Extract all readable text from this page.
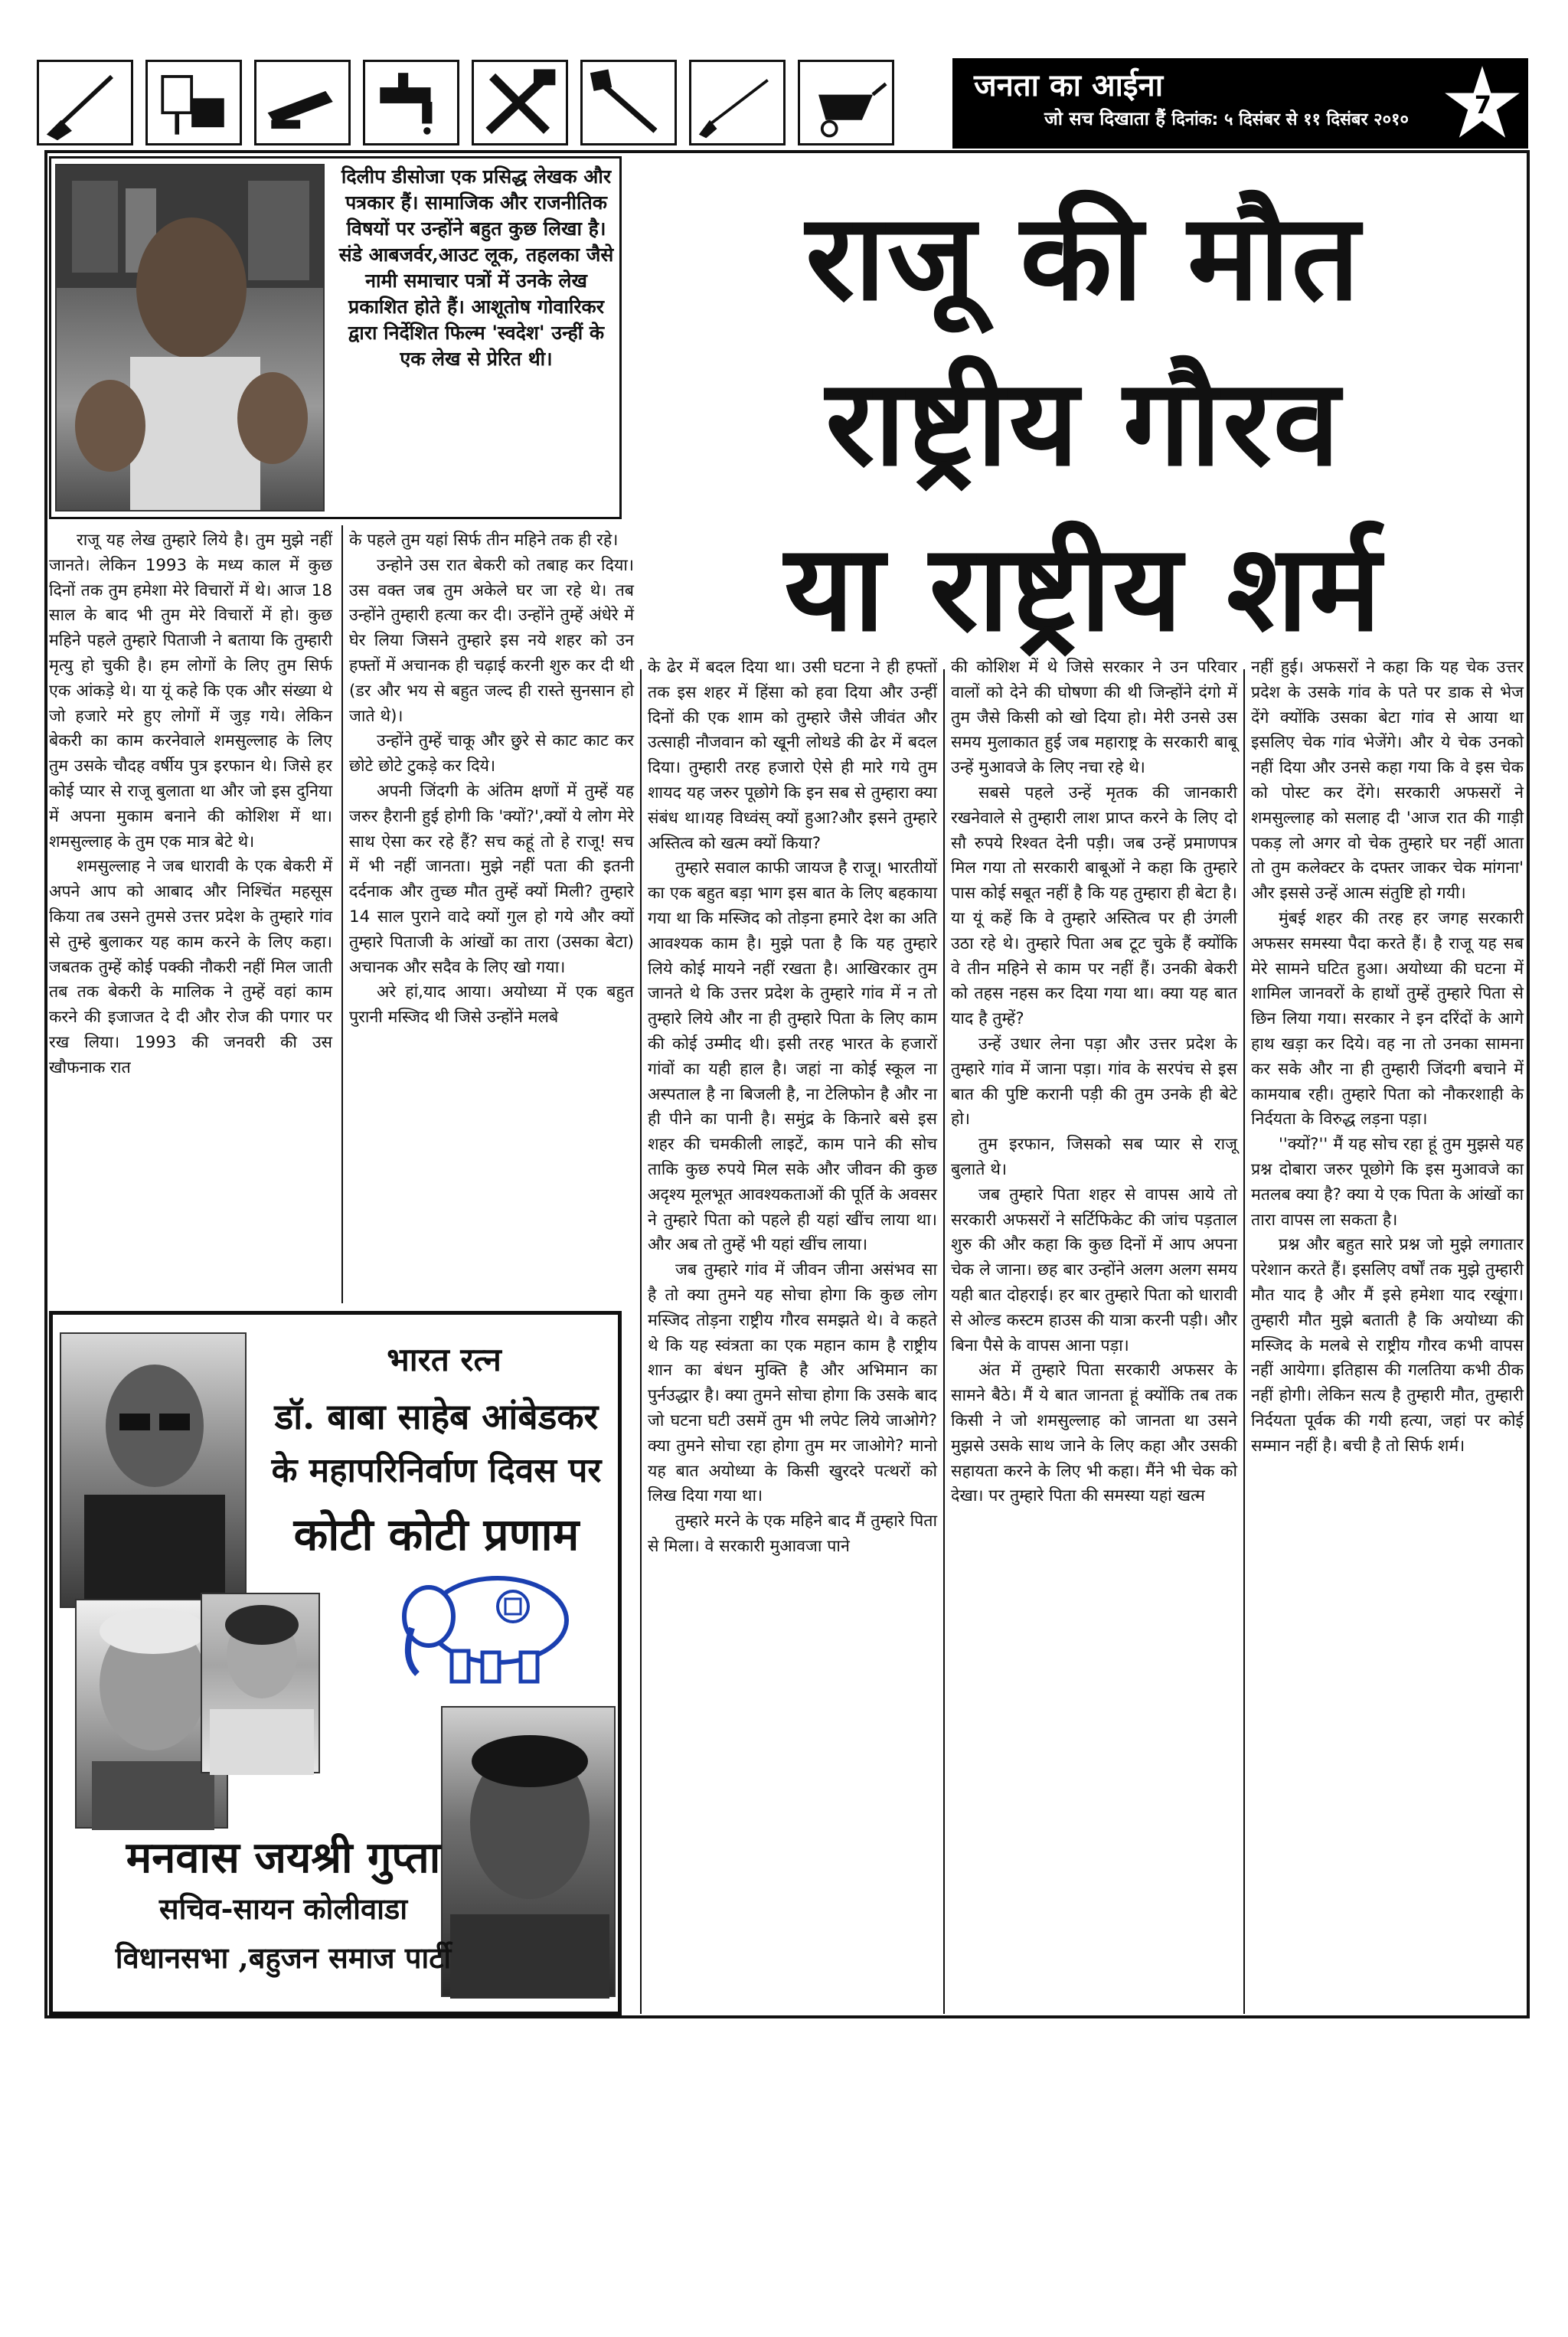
जनता का आईना
जो सच दिखाता हैं दिनांक: ५ दिसंबर से ११ दिसंबर २०१०
7
दिलीप डीसोजा एक प्रसिद्ध लेखक और पत्रकार हैं। सामाजिक और राजनीतिक विषयों पर उन्होंने बहुत कुछ लिखा है। संडे आबजर्वर,आउट लूक, तहलका जैसे नामी समाचार पत्रों में उनके लेख प्रकाशित होते हैं। आशूतोष गोवारिकर द्वारा निर्देशित फिल्म 'स्वदेश' उन्हीं के एक लेख से प्रेरित थी।
राजू की मौत
राष्ट्रीय गौरव
या राष्ट्रीय शर्म

राजू यह लेख तुम्हारे लिये है। तुम मुझे नहीं जानते। लेकिन 1993 के मध्य काल में कुछ दिनों तक तुम हमेशा मेरे विचारों में थे। आज 18 साल के बाद भी तुम मेरे विचारों में हो। कुछ महिने पहले तुम्हारे पिताजी ने बताया कि तुम्हारी मृत्यु हो चुकी है। हम लोगों के लिए तुम सिर्फ एक आंकड़े थे। या यूं कहे कि एक और संख्या थे जो हजारे मरे हुए लोगों में जुड़ गये। लेकिन बेकरी का काम करनेवाले शमसुल्लाह के लिए तुम उसके चौदह वर्षीय पुत्र इरफान थे। जिसे हर कोई प्यार से राजू बुलाता था और जो इस दुनिया में अपना मुकाम बनाने की कोशिश में था। शमसुल्लाह के तुम एक मात्र बेटे थे।

शमसुल्लाह ने जब धारावी के एक बेकरी में अपने आप को आबाद और निश्चिंत महसूस किया तब उसने तुमसे उत्तर प्रदेश के तुम्हारे गांव से तुम्हे बुलाकर यह काम करने के लिए कहा। जबतक तुम्हें कोई पक्की नौकरी नहीं मिल जाती तब तक बेकरी के मालिक ने तुम्हें वहां काम करने की इजाजत दे दी और रोज की पगार पर रख लिया। 1993 की जनवरी की उस खौफनाक रात

के पहले तुम यहां सिर्फ तीन महिने तक ही रहे।

उन्होने उस रात बेकरी को तबाह कर दिया। उस वक्त जब तुम अकेले घर जा रहे थे। तब उन्होंने तुम्हारी हत्या कर दी। उन्होंने तुम्हें अंधेरे में घेर लिया जिसने तुम्हारे इस नये शहर को उन हफ्तों में अचानक ही चढ़ाई करनी शुरु कर दी थी (डर और भय से बहुत जल्द ही रास्ते सुनसान हो जाते थे)।

उन्होंने तुम्हें चाकू और छुरे से काट काट कर छोटे छोटे टुकड़े कर दिये।

अपनी जिंदगी के अंतिम क्षणों में तुम्हें यह जरुर हैरानी हुई होगी कि 'क्यों?',क्यों ये लोग मेरे साथ ऐसा कर रहे हैं? सच कहूं तो हे राजू! सच में भी नहीं जानता। मुझे नहीं पता की इतनी दर्दनाक और तुच्छ मौत तुम्हें क्यों मिली? तुम्हारे 14 साल पुराने वादे क्यों गुल हो गये और क्यों तुम्हारे पिताजी के आंखों का तारा (उसका बेटा) अचानक और सदैव के लिए खो गया।

अरे हां,याद आया। अयोध्या में एक बहुत पुरानी मस्जिद थी जिसे उन्होंने मलबे

के ढेर में बदल दिया था। उसी घटना ने ही हफ्तों तक इस शहर में हिंसा को हवा दिया और उन्हीं दिनों की एक शाम को तुम्हारे जैसे जीवंत और उत्साही नौजवान को खूनी लोथडे की ढेर में बदल दिया। तुम्हारी तरह हजारो ऐसे ही मारे गये तुम शायद यह जरुर पूछोगे कि इन सब से तुम्हारा क्या संबंध था।यह विध्वंस् क्यों हुआ?और इसने तुम्हारे अस्तित्व को खत्म क्यों किया?

तुम्हारे सवाल काफी जायज है राजू। भारतीयों का एक बहुत बड़ा भाग इस बात के लिए बहकाया गया था कि मस्जिद को तोड़ना हमारे देश का अति आवश्यक काम है। मुझे पता है कि यह तुम्हारे लिये कोई मायने नहीं रखता है। आखिरकार तुम जानते थे कि उत्तर प्रदेश के तुम्हारे गांव में न तो तुम्हारे लिये और ना ही तुम्हारे पिता के लिए काम की कोई उम्मीद थी। इसी तरह भारत के हजारों गांवों का यही हाल है। जहां ना कोई स्कूल ना अस्पताल है ना बिजली है, ना टेलिफोन है और ना ही पीने का पानी है। समुंद्र के किनारे बसे इस शहर की चमकीली लाइटें, काम पाने की सोच ताकि कुछ रुपये मिल सके और जीवन की कुछ अदृश्य मूलभूत आवश्यकताओं की पूर्ति के अवसर ने तुम्हारे पिता को पहले ही यहां खींच लाया था। और अब तो तुम्हें भी यहां खींच लाया।

जब तुम्हारे गांव में जीवन जीना असंभव सा है तो क्या तुमने यह सोचा होगा कि कुछ लोग मस्जिद तोड़ना राष्ट्रीय गौरव समझते थे। वे कहते थे कि यह स्वंत्रता का एक महान काम है राष्ट्रीय शान का बंधन मुक्ति है और अभिमान का पुर्नउद्धार है। क्या तुमने सोचा होगा कि उसके बाद जो घटना घटी उसमें तुम भी लपेट लिये जाओगे? क्या तुमने सोचा रहा होगा तुम मर जाओगे? मानो यह बात अयोध्या के किसी खुरदरे पत्थरों को लिख दिया गया था।

तुम्हारे मरने के एक महिने बाद मैं तुम्हारे पिता से मिला। वे सरकारी मुआवजा पाने

की कोशिश में थे जिसे सरकार ने उन परिवार वालों को देने की घोषणा की थी जिन्होंने दंगो में तुम जैसे किसी को खो दिया हो। मेरी उनसे उस समय मुलाकात हुई जब महाराष्ट्र के सरकारी बाबू उन्हें मुआवजे के लिए नचा रहे थे।

सबसे पहले उन्हें मृतक की जानकारी रखनेवाले से तुम्हारी लाश प्राप्त करने के लिए दो सौ रुपये रिश्वत देनी पड़ी। जब उन्हें प्रमाणपत्र मिल गया तो सरकारी बाबूओं ने कहा कि तुम्हारे पास कोई सबूत नहीं है कि यह तुम्हारा ही बेटा है। या यूं कहें कि वे तुम्हारे अस्तित्व पर ही उंगली उठा रहे थे। तुम्हारे पिता अब टूट चुके हैं क्योंकि वे तीन महिने से काम पर नहीं हैं। उनकी बेकरी को तहस नहस कर दिया गया था। क्या यह बात याद है तुम्हें?

उन्हें उधार लेना पड़ा और उत्तर प्रदेश के तुम्हारे गांव में जाना पड़ा। गांव के सरपंच से इस बात की पुष्टि करानी पड़ी की तुम उनके ही बेटे हो।

तुम इरफान, जिसको सब प्यार से राजू बुलाते थे।

जब तुम्हारे पिता शहर से वापस आये तो सरकारी अफसरों ने सर्टिफिकेट की जांच पड़ताल शुरु की और कहा कि कुछ दिनों में आप अपना चेक ले जाना। छह बार उन्होंने अलग अलग समय यही बात दोहराई। हर बार तुम्हारे पिता को धारावी से ओल्ड कस्टम हाउस की यात्रा करनी पड़ी। और बिना पैसे के वापस आना पड़ा।

अंत में तुम्हारे पिता सरकारी अफसर के सामने बैठे। मैं ये बात जानता हूं क्योंकि तब तक किसी ने जो शमसुल्लाह को जानता था उसने मुझसे उसके साथ जाने के लिए कहा और उसकी सहायता करने के लिए भी कहा। मैंने भी चेक को देखा। पर तुम्हारे पिता की समस्या यहां खत्म

नहीं हुई। अफसरों ने कहा कि यह चेक उत्तर प्रदेश के उसके गांव के पते पर डाक से भेज देंगे क्योंकि उसका बेटा गांव से आया था इसलिए चेक गांव भेजेंगे। और ये चेक उनको नहीं दिया और उनसे कहा गया कि वे इस चेक को पोस्ट कर देंगे। सरकारी अफसरों ने शमसुल्लाह को सलाह दी 'आज रात की गाड़ी पकड़ लो अगर वो चेक तुम्हारे घर नहीं आता तो तुम कलेक्टर के दफ्तर जाकर चेक मांगना' और इससे उन्हें आत्म संतुष्टि हो गयी।

मुंबई शहर की तरह हर जगह सरकारी अफसर समस्या पैदा करते हैं। है राजू यह सब मेरे सामने घटित हुआ। अयोध्या की घटना में शामिल जानवरों के हाथों तुम्हें तुम्हारे पिता से छिन लिया गया। सरकार ने इन दरिंदों के आगे हाथ खड़ा कर दिये। वह ना तो उनका सामना कर सके और ना ही तुम्हारी जिंदगी बचाने में कामयाब रही। तुम्हारे पिता को नौकरशाही के निर्दयता के विरुद्ध लड़ना पड़ा।

''क्यों?'' मैं यह सोच रहा हूं तुम मुझसे यह प्रश्न दोबारा जरुर पूछोगे कि इस मुआवजे का मतलब क्या है? क्या ये एक पिता के आंखों का तारा वापस ला सकता है।

प्रश्न और बहुत सारे प्रश्न जो मुझे लगातार परेशान करते हैं। इसलिए वर्षों तक मुझे तुम्हारी मौत याद है और मैं इसे हमेशा याद रखूंगा। तुम्हारी मौत मुझे बताती है कि अयोध्या की मस्जिद के मलबे से राष्ट्रीय गौरव कभी वापस नहीं आयेगा। इतिहास की गलतिया कभी ठीक नहीं होगी। लेकिन सत्य है तुम्हारी मौत, तुम्हारी निर्दयता पूर्वक की गयी हत्या, जहां पर कोई सम्मान नहीं है। बची है तो सिर्फ शर्म।

भारत रत्न
डॉ. बाबा साहेब आंबेडकर
के महापरिनिर्वाण दिवस पर
कोटी कोटी प्रणाम
मनवास जयश्री गुप्ता
सचिव-सायन कोलीवाडा
विधानसभा ,बहुजन समाज पार्टी
